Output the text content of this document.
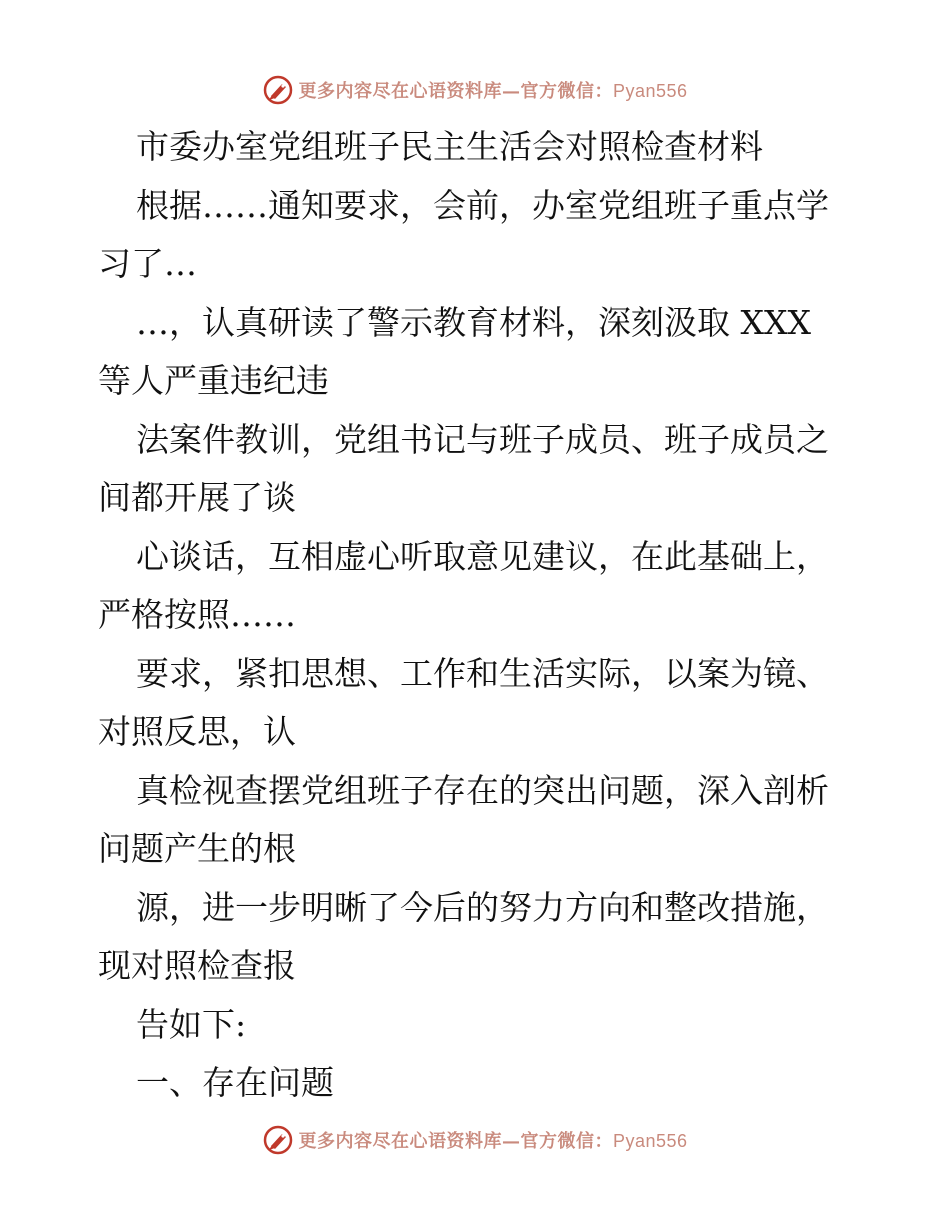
更多内容尽在心语资料库—官方微信：Pyan556
市委办室党组班子民主生活会对照检查材料
根据……通知要求，会前，办室党组班子重点学
习了…
…，认真研读了警示教育材料，深刻汲取 XXX
等人严重违纪违
法案件教训，党组书记与班子成员、班子成员之
间都开展了谈
心谈话，互相虚心听取意见建议，在此基础上，
严格按照……
要求，紧扣思想、工作和生活实际，以案为镜、
对照反思，认
真检视查摆党组班子存在的突出问题，深入剖析
问题产生的根
源，进一步明晰了今后的努力方向和整改措施，
现对照检查报
告如下:
一、存在问题
更多内容尽在心语资料库—官方微信：Pyan556
